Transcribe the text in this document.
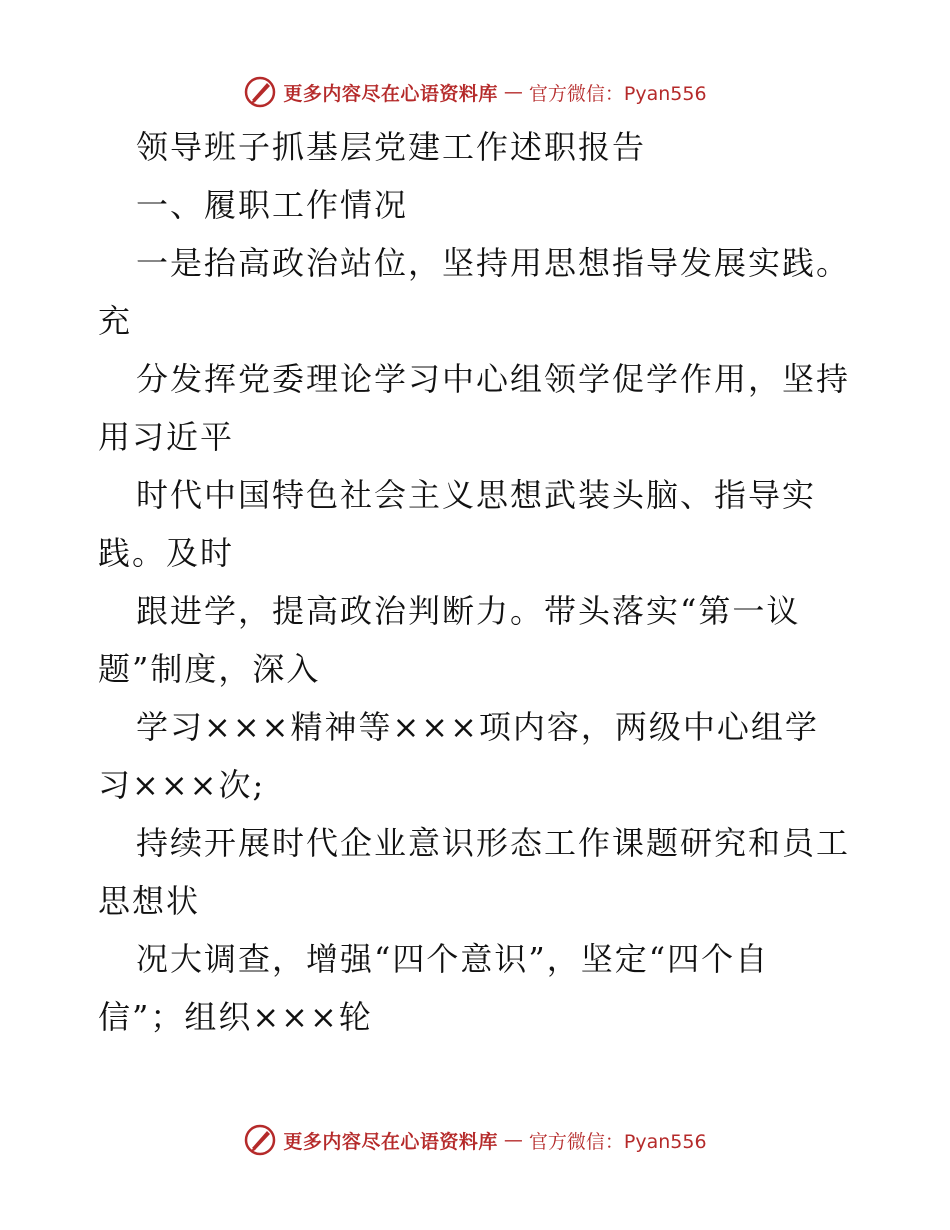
更多内容尽在心语资料库 — 官方微信：Pyan556
领导班子抓基层党建工作述职报告
一、履职工作情况
一是抬高政治站位，坚持用思想指导发展实践。
充
分发挥党委理论学习中心组领学促学作用，坚持
用习近平
时代中国特色社会主义思想武装头脑、指导实
践。及时
跟进学，提高政治判断力。带头落实“第一议
题”制度，深入
学习×××精神等×××项内容，两级中心组学
习×××次;
持续开展时代企业意识形态工作课题研究和员工
思想状
况大调查，增强“四个意识”，坚定“四个自
信”；组织×××轮
更多内容尽在心语资料库 — 官方微信：Pyan556
